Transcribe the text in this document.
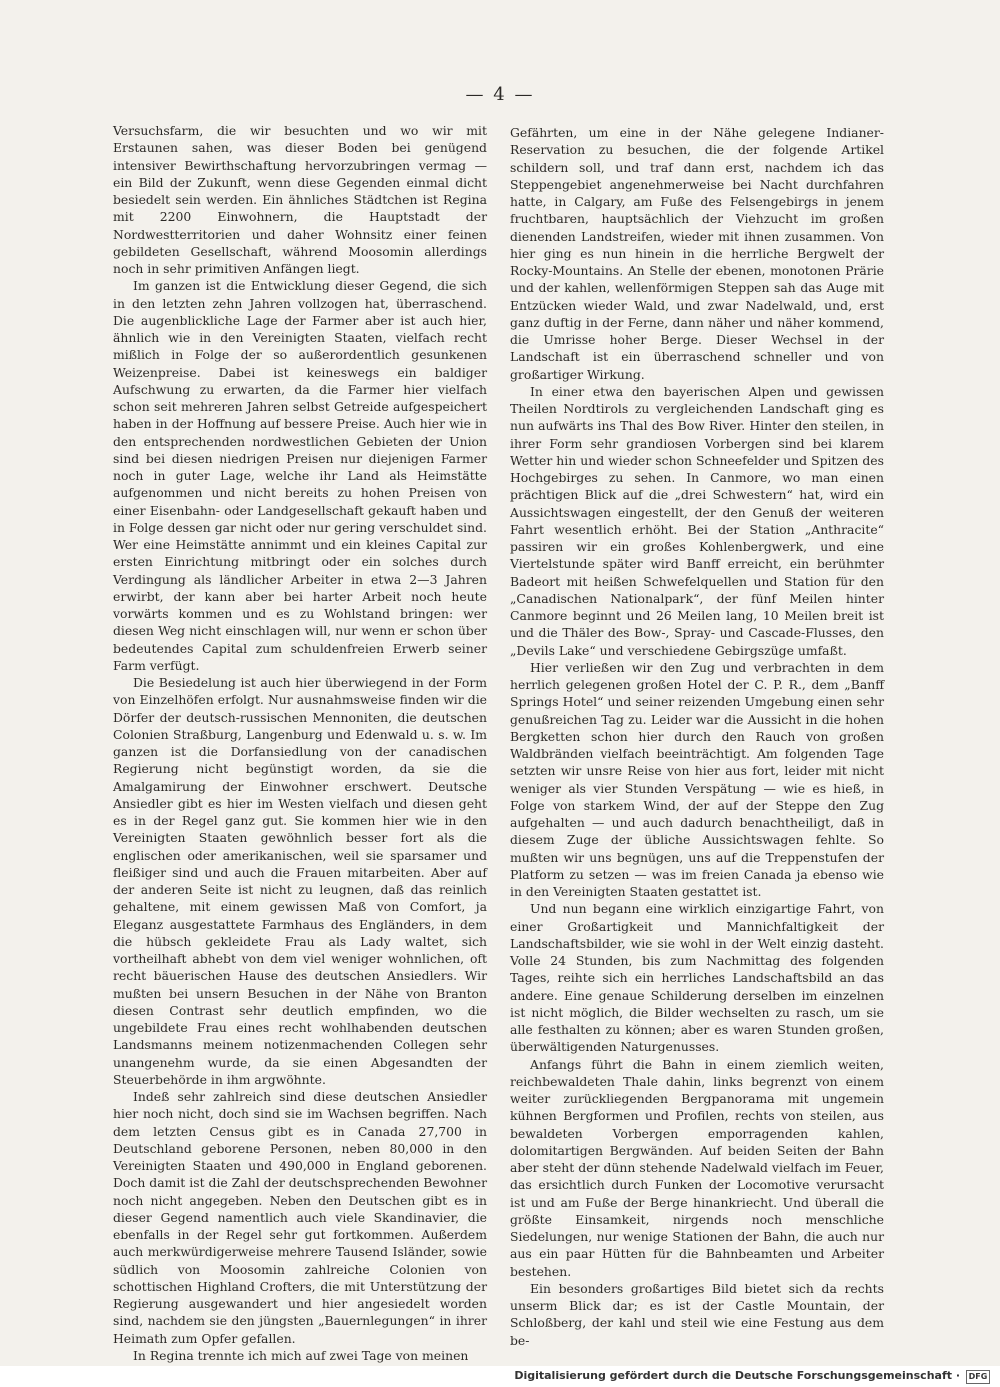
— 4 —

Versuchsfarm, die wir besuchten und wo wir mit Erstaunen sahen, was dieser Boden bei genügend intensiver Bewirthschaftung hervorzubringen vermag — ein Bild der Zukunft, wenn diese Gegenden einmal dicht besiedelt sein werden. Ein ähnliches Städtchen ist Regina mit 2200 Einwohnern, die Hauptstadt der Nordwestterritorien und daher Wohnsitz einer feinen gebildeten Gesellschaft, während Moosomin allerdings noch in sehr primitiven Anfängen liegt.

Im ganzen ist die Entwicklung dieser Gegend, die sich in den letzten zehn Jahren vollzogen hat, überraschend. Die augenblickliche Lage der Farmer aber ist auch hier, ähnlich wie in den Vereinigten Staaten, vielfach recht mißlich in Folge der so außerordentlich gesunkenen Weizenpreise. Dabei ist keineswegs ein baldiger Aufschwung zu erwarten, da die Farmer hier vielfach schon seit mehreren Jahren selbst Getreide aufgespeichert haben in der Hoffnung auf bessere Preise. Auch hier wie in den entsprechenden nordwestlichen Gebieten der Union sind bei diesen niedrigen Preisen nur diejenigen Farmer noch in guter Lage, welche ihr Land als Heimstätte aufgenommen und nicht bereits zu hohen Preisen von einer Eisenbahn- oder Landgesellschaft gekauft haben und in Folge dessen gar nicht oder nur gering verschuldet sind. Wer eine Heimstätte annimmt und ein kleines Capital zur ersten Einrichtung mitbringt oder ein solches durch Verdingung als ländlicher Arbeiter in etwa 2—3 Jahren erwirbt, der kann aber bei harter Arbeit noch heute vorwärts kommen und es zu Wohlstand bringen: wer diesen Weg nicht einschlagen will, nur wenn er schon über bedeutendes Capital zum schuldenfreien Erwerb seiner Farm verfügt.

Die Besiedelung ist auch hier überwiegend in der Form von Einzelhöfen erfolgt. Nur ausnahmsweise finden wir die Dörfer der deutsch-russischen Mennoniten, die deutschen Colonien Straßburg, Langenburg und Edenwald u. s. w. Im ganzen ist die Dorfansiedlung von der canadischen Regierung nicht begünstigt worden, da sie die Amalgamirung der Einwohner erschwert. Deutsche Ansiedler gibt es hier im Westen vielfach und diesen geht es in der Regel ganz gut. Sie kommen hier wie in den Vereinigten Staaten gewöhnlich besser fort als die englischen oder amerikanischen, weil sie sparsamer und fleißiger sind und auch die Frauen mitarbeiten. Aber auf der anderen Seite ist nicht zu leugnen, daß das reinlich gehaltene, mit einem gewissen Maß von Comfort, ja Eleganz ausgestattete Farmhaus des Engländers, in dem die hübsch gekleidete Frau als Lady waltet, sich vortheilhaft abhebt von dem viel weniger wohnlichen, oft recht bäuerischen Hause des deutschen Ansiedlers. Wir mußten bei unsern Besuchen in der Nähe von Branton diesen Contrast sehr deutlich empfinden, wo die ungebildete Frau eines recht wohlhabenden deutschen Landsmanns meinem notizenmachenden Collegen sehr unangenehm wurde, da sie einen Abgesandten der Steuerbehörde in ihm argwöhnte.

Indeß sehr zahlreich sind diese deutschen Ansiedler hier noch nicht, doch sind sie im Wachsen begriffen. Nach dem letzten Census gibt es in Canada 27,700 in Deutschland geborene Personen, neben 80,000 in den Vereinigten Staaten und 490,000 in England geborenen. Doch damit ist die Zahl der deutschsprechenden Bewohner noch nicht angegeben. Neben den Deutschen gibt es in dieser Gegend namentlich auch viele Skandinavier, die ebenfalls in der Regel sehr gut fortkommen. Außerdem auch merkwürdigerweise mehrere Tausend Isländer, sowie südlich von Moosomin zahlreiche Colonien von schottischen Highland Crofters, die mit Unterstützung der Regierung ausgewandert und hier angesiedelt worden sind, nachdem sie den jüngsten „Bauernlegungen“ in ihrer Heimath zum Opfer gefallen.

In Regina trennte ich mich auf zwei Tage von meinen

Gefährten, um eine in der Nähe gelegene Indianer-Reservation zu besuchen, die der folgende Artikel schildern soll, und traf dann erst, nachdem ich das Steppengebiet angenehmerweise bei Nacht durchfahren hatte, in Calgary, am Fuße des Felsengebirgs in jenem fruchtbaren, hauptsächlich der Viehzucht im großen dienenden Landstreifen, wieder mit ihnen zusammen. Von hier ging es nun hinein in die herrliche Bergwelt der Rocky-Mountains. An Stelle der ebenen, monotonen Prärie und der kahlen, wellenförmigen Steppen sah das Auge mit Entzücken wieder Wald, und zwar Nadelwald, und, erst ganz duftig in der Ferne, dann näher und näher kommend, die Umrisse hoher Berge. Dieser Wechsel in der Landschaft ist ein überraschend schneller und von großartiger Wirkung.

In einer etwa den bayerischen Alpen und gewissen Theilen Nordtirols zu vergleichenden Landschaft ging es nun aufwärts ins Thal des Bow River. Hinter den steilen, in ihrer Form sehr grandiosen Vorbergen sind bei klarem Wetter hin und wieder schon Schneefelder und Spitzen des Hochgebirges zu sehen. In Canmore, wo man einen prächtigen Blick auf die „drei Schwestern“ hat, wird ein Aussichtswagen eingestellt, der den Genuß der weiteren Fahrt wesentlich erhöht. Bei der Station „Anthracite“ passiren wir ein großes Kohlenbergwerk, und eine Viertelstunde später wird Banff erreicht, ein berühmter Badeort mit heißen Schwefelquellen und Station für den „Canadischen Nationalpark“, der fünf Meilen hinter Canmore beginnt und 26 Meilen lang, 10 Meilen breit ist und die Thäler des Bow-, Spray- und Cascade-Flusses, den „Devils Lake“ und verschiedene Gebirgszüge umfaßt.

Hier verließen wir den Zug und verbrachten in dem herrlich gelegenen großen Hotel der C. P. R., dem „Banff Springs Hotel“ und seiner reizenden Umgebung einen sehr genußreichen Tag zu. Leider war die Aussicht in die hohen Bergketten schon hier durch den Rauch von großen Waldbränden vielfach beeinträchtigt. Am folgenden Tage setzten wir unsre Reise von hier aus fort, leider mit nicht weniger als vier Stunden Verspätung — wie es hieß, in Folge von starkem Wind, der auf der Steppe den Zug aufgehalten — und auch dadurch benachtheiligt, daß in diesem Zuge der übliche Aussichtswagen fehlte. So mußten wir uns begnügen, uns auf die Treppenstufen der Platform zu setzen — was im freien Canada ja ebenso wie in den Vereinigten Staaten gestattet ist.

Und nun begann eine wirklich einzigartige Fahrt, von einer Großartigkeit und Mannichfaltigkeit der Landschaftsbilder, wie sie wohl in der Welt einzig dasteht. Volle 24 Stunden, bis zum Nachmittag des folgenden Tages, reihte sich ein herrliches Landschaftsbild an das andere. Eine genaue Schilderung derselben im einzelnen ist nicht möglich, die Bilder wechselten zu rasch, um sie alle festhalten zu können; aber es waren Stunden großen, überwältigenden Naturgenusses.

Anfangs führt die Bahn in einem ziemlich weiten, reichbewaldeten Thale dahin, links begrenzt von einem weiter zurückliegenden Bergpanorama mit ungemein kühnen Bergformen und Profilen, rechts von steilen, aus bewaldeten Vorbergen emporragenden kahlen, dolomitartigen Bergwänden. Auf beiden Seiten der Bahn aber steht der dünn stehende Nadelwald vielfach im Feuer, das ersichtlich durch Funken der Locomotive verursacht ist und am Fuße der Berge hinankriecht. Und überall die größte Einsamkeit, nirgends noch menschliche Siedelungen, nur wenige Stationen der Bahn, die auch nur aus ein paar Hütten für die Bahnbeamten und Arbeiter bestehen.

Ein besonders großartiges Bild bietet sich da rechts unserm Blick dar; es ist der Castle Mountain, der Schloßberg, der kahl und steil wie eine Festung aus dem be-

Digitalisierung gefördert durch die Deutsche Forschungsgemeinschaft ·	DFG
